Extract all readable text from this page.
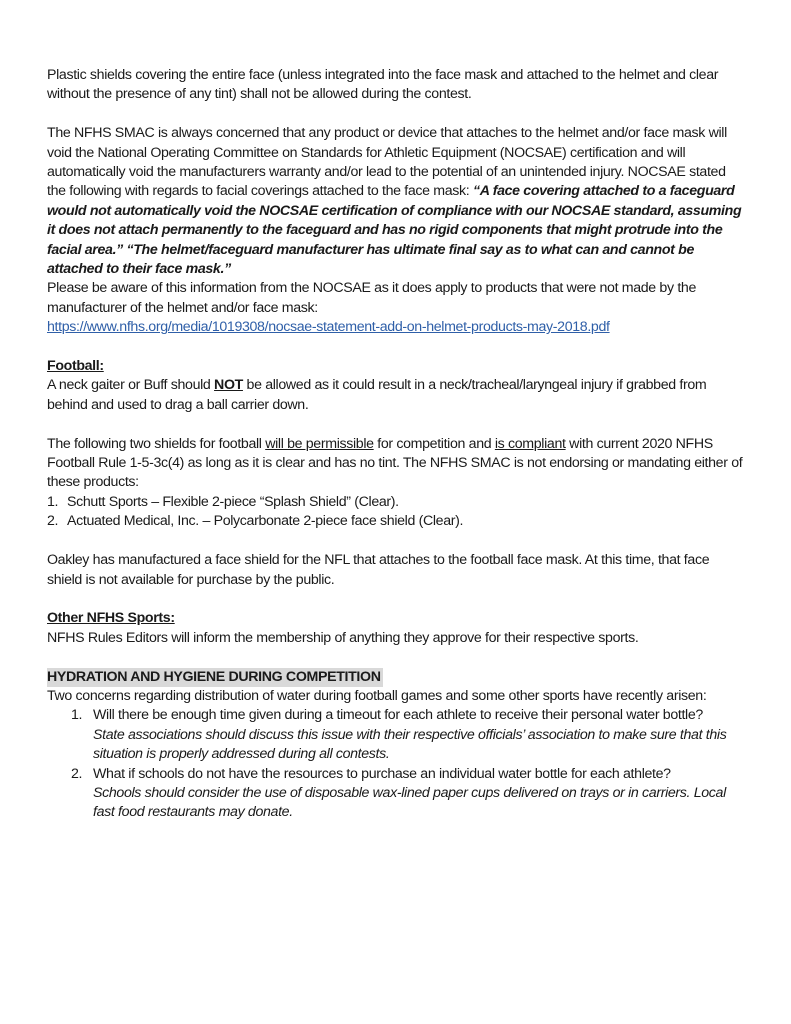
Plastic shields covering the entire face (unless integrated into the face mask and attached to the helmet and clear without the presence of any tint) shall not be allowed during the contest.

The NFHS SMAC is always concerned that any product or device that attaches to the helmet and/or face mask will void the National Operating Committee on Standards for Athletic Equipment (NOCSAE) certification and will automatically void the manufacturers warranty and/or lead to the potential of an unintended injury. NOCSAE stated the following with regards to facial coverings attached to the face mask: “A face covering attached to a faceguard would not automatically void the NOCSAE certification of compliance with our NOCSAE standard, assuming it does not attach permanently to the faceguard and has no rigid components that might protrude into the facial area.” “The helmet/faceguard manufacturer has ultimate final say as to what can and cannot be attached to their face mask.”

Please be aware of this information from the NOCSAE as it does apply to products that were not made by the manufacturer of the helmet and/or face mask:

https://www.nfhs.org/media/1019308/nocsae-statement-add-on-helmet-products-may-2018.pdf

Football:

A neck gaiter or Buff should NOT be allowed as it could result in a neck/tracheal/laryngeal injury if grabbed from behind and used to drag a ball carrier down.

The following two shields for football will be permissible for competition and is compliant with current 2020 NFHS Football Rule 1-5-3c(4) as long as it is clear and has no tint. The NFHS SMAC is not endorsing or mandating either of these products:

1. Schutt Sports – Flexible 2-piece “Splash Shield” (Clear).
2. Actuated Medical, Inc. – Polycarbonate 2-piece face shield (Clear).

Oakley has manufactured a face shield for the NFL that attaches to the football face mask. At this time, that face shield is not available for purchase by the public.

Other NFHS Sports:

NFHS Rules Editors will inform the membership of anything they approve for their respective sports.

HYDRATION AND HYGIENE DURING COMPETITION

Two concerns regarding distribution of water during football games and some other sports have recently arisen:

1. Will there be enough time given during a timeout for each athlete to receive their personal water bottle?
State associations should discuss this issue with their respective officials’ association to make sure that this situation is properly addressed during all contests.
2. What if schools do not have the resources to purchase an individual water bottle for each athlete?
Schools should consider the use of disposable wax-lined paper cups delivered on trays or in carriers. Local fast food restaurants may donate.
